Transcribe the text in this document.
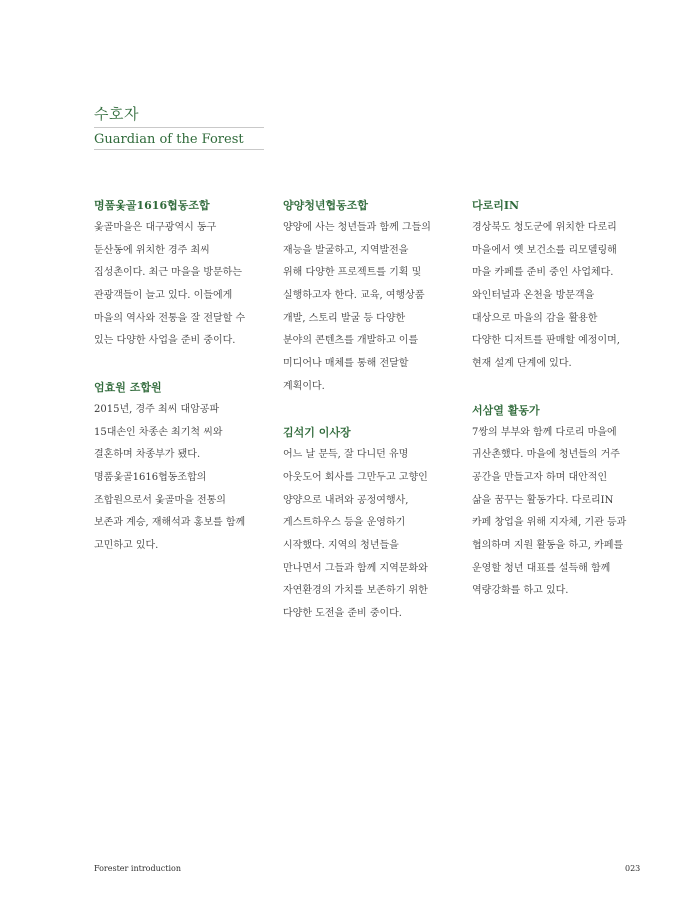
수호자
Guardian of the Forest
명품옻골1616협동조합
옻골마을은 대구광역시 동구
둔산동에 위치한 경주 최씨
집성촌이다. 최근 마을을 방문하는
관광객들이 늘고 있다. 이들에게
마을의 역사와 전통을 잘 전달할 수
있는 다양한 사업을 준비 중이다.
엄효원 조합원
2015년, 경주 최씨 대암공파
15대손인 차종손 최기척 씨와
결혼하며 차종부가 됐다.
명품옻골1616협동조합의
조합원으로서 옻골마을 전통의
보존과 계승, 재해석과 홍보를 함께
고민하고 있다.
양양청년협동조합
양양에 사는 청년들과 함께 그들의
재능을 발굴하고, 지역발전을
위해 다양한 프로젝트를 기획 및
실행하고자 한다. 교육, 여행상품
개발, 스토리 발굴 등 다양한
분야의 콘텐츠를 개발하고 이를
미디어나 매체를 통해 전달할
계획이다.
김석기 이사장
어느 날 문득, 잘 다니던 유명
아웃도어 회사를 그만두고 고향인
양양으로 내려와 공정여행사,
게스트하우스 등을 운영하기
시작했다. 지역의 청년들을
만나면서 그들과 함께 지역문화와
자연환경의 가치를 보존하기 위한
다양한 도전을 준비 중이다.
다로리IN
경상북도 청도군에 위치한 다로리
마을에서 옛 보건소를 리모델링해
마을 카페를 준비 중인 사업체다.
와인터널과 온천을 방문객을
대상으로 마을의 감을 활용한
다양한 디저트를 판매할 예정이며,
현재 설계 단계에 있다.
서삼열 활동가
7쌍의 부부와 함께 다로리 마을에
귀산촌했다. 마을에 청년들의 거주
공간을 만들고자 하며 대안적인
삶을 꿈꾸는 활동가다. 다로리IN
카페 창업을 위해 지자체, 기관 등과
협의하며 지원 활동을 하고, 카페를
운영할 청년 대표를 설득해 함께
역량강화를 하고 있다.
Forester introduction	023
